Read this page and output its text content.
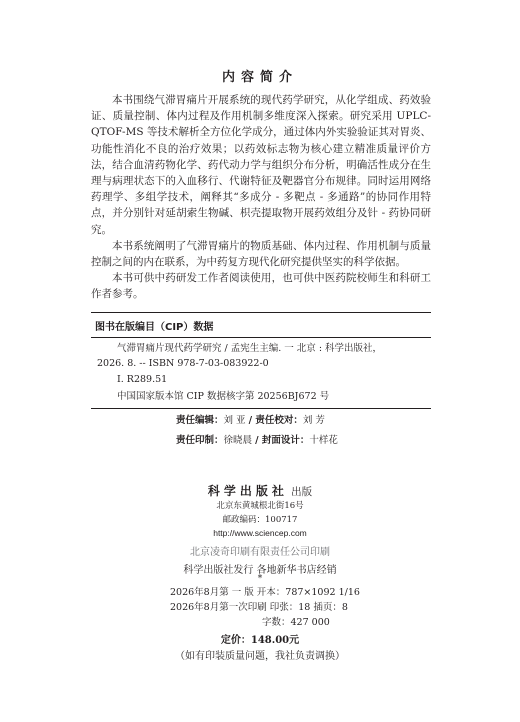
内容简介

本书围绕气滞胃痛片开展系统的现代药学研究，从化学组成、药效验证、质量控制、体内过程及作用机制多维度深入探索。研究采用 UPLC-QTOF-MS 等技术解析全方位化学成分，通过体内外实验验证其对胃炎、功能性消化不良的治疗效果；以药效标志物为核心建立精准质量评价方法，结合血清药物化学、药代动力学与组织分布分析，明确活性成分在生理与病理状态下的入血移行、代谢特征及靶器官分布规律。同时运用网络药理学、多组学技术，阐释其“多成分 - 多靶点 - 多通路”的协同作用特点，并分别针对延胡索生物碱、枳壳提取物开展药效组分及针 - 药协同研究。

本书系统阐明了气滞胃痛片的物质基础、体内过程、作用机制与质量控制之间的内在联系，为中药复方现代化研究提供坚实的科学依据。

本书可供中药研发工作者阅读使用，也可供中医药院校师生和科研工作者参考。

图书在版编目（CIP）数据
气滞胃痛片现代药学研究 / 孟宪生主编. 一 北京 : 科学出版社，
2026. 8. -- ISBN 978-7-03-083922-0
Ⅰ. R289.51
中国国家版本馆 CIP 数据核字第 20256BJ672 号
责任编辑：刘 亚 / 责任校对：刘 芳
责任印制：徐晓晨 / 封面设计：十样花
科学出版社 出版
北京东黄城根北街16号
邮政编码：100717
http://www.sciencep.com
北京凌奇印刷有限责任公司印刷
科学出版社发行 各地新华书店经销
*
2026年8月第 一 版 开本：787×1092 1/16
2026年8月第一次印刷 印张：18 插页：8
字数：427 000
定价：148.00元
（如有印装质量问题，我社负责调换）
